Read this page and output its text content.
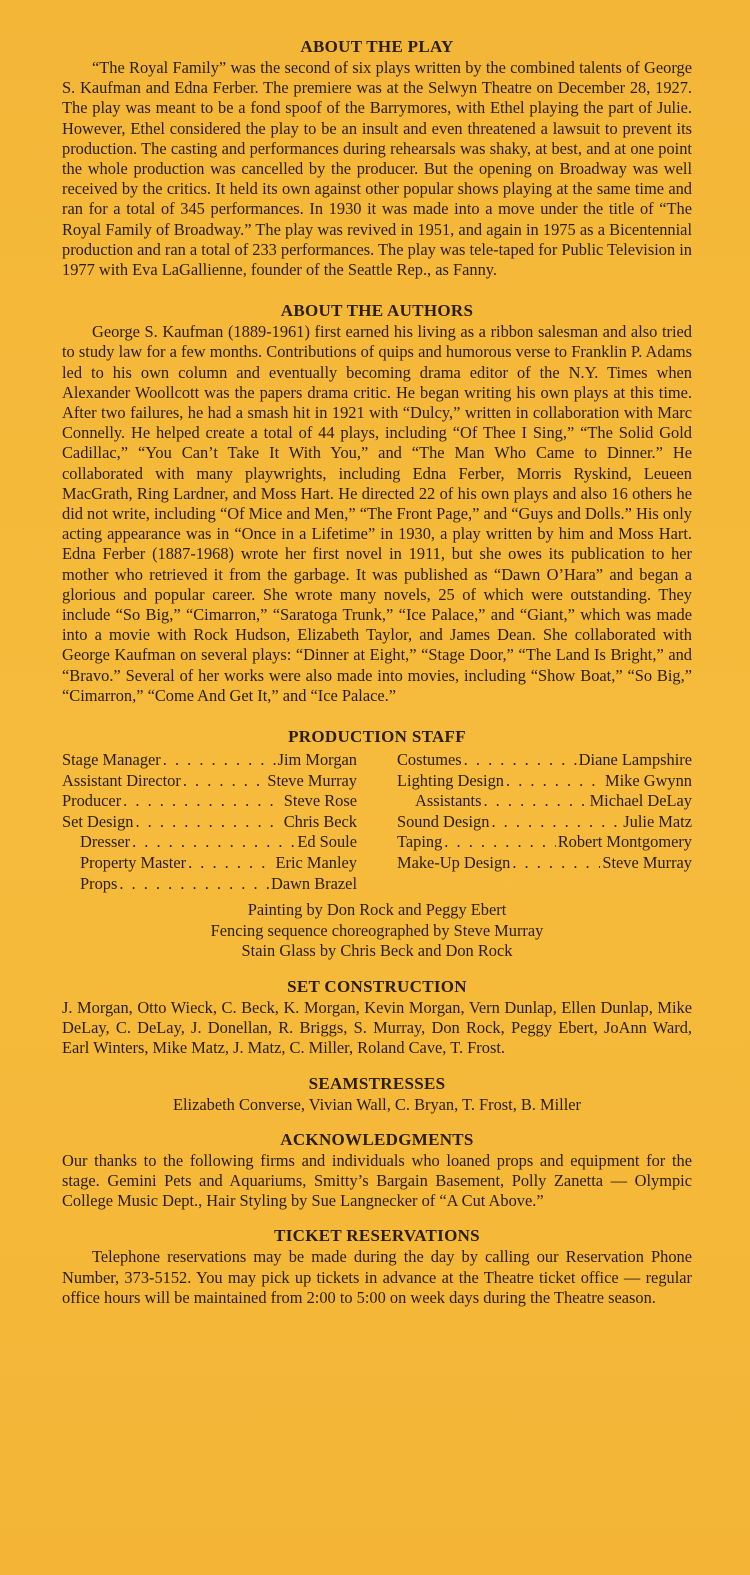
ABOUT THE PLAY

“The Royal Family” was the second of six plays written by the combined talents of George S. Kaufman and Edna Ferber. The premiere was at the Selwyn Theatre on December 28, 1927. The play was meant to be a fond spoof of the Barrymores, with Ethel playing the part of Julie. However, Ethel considered the play to be an insult and even threatened a lawsuit to prevent its production. The casting and performances during rehearsals was shaky, at best, and at one point the whole production was cancelled by the producer. But the opening on Broadway was well received by the critics. It held its own against other popular shows playing at the same time and ran for a total of 345 performances. In 1930 it was made into a move under the title of “The Royal Family of Broadway.” The play was revived in 1951, and again in 1975 as a Bicentennial production and ran a total of 233 performances. The play was tele-taped for Public Television in 1977 with Eva LaGallienne, founder of the Seattle Rep., as Fanny.

ABOUT THE AUTHORS

George S. Kaufman (1889-1961) first earned his living as a ribbon salesman and also tried to study law for a few months. Contributions of quips and humorous verse to Franklin P. Adams led to his own column and eventually becoming drama editor of the N.Y. Times when Alexander Woollcott was the papers drama critic. He began writing his own plays at this time. After two failures, he had a smash hit in 1921 with “Dulcy,” written in collaboration with Marc Connelly. He helped create a total of 44 plays, including “Of Thee I Sing,” “The Solid Gold Cadillac,” “You Can’t Take It With You,” and “The Man Who Came to Dinner.” He collaborated with many playwrights, including Edna Ferber, Morris Ryskind, Leueen MacGrath, Ring Lardner, and Moss Hart. He directed 22 of his own plays and also 16 others he did not write, including “Of Mice and Men,” “The Front Page,” and “Guys and Dolls.” His only acting appearance was in “Once in a Lifetime” in 1930, a play written by him and Moss Hart. Edna Ferber (1887-1968) wrote her first novel in 1911, but she owes its publication to her mother who retrieved it from the garbage. It was published as “Dawn O’Hara” and began a glorious and popular career. She wrote many novels, 25 of which were outstanding. They include “So Big,” “Cimarron,” “Saratoga Trunk,” “Ice Palace,” and “Giant,” which was made into a movie with Rock Hudson, Elizabeth Taylor, and James Dean. She collaborated with George Kaufman on several plays: “Dinner at Eight,” “Stage Door,” “The Land Is Bright,” and “Bravo.” Several of her works were also made into movies, including “Show Boat,” “So Big,” “Cimarron,” “Come And Get It,” and “Ice Palace.”

PRODUCTION STAFF
Stage Manager . . .	Jim Morgan
Assistant Director . . .	Steve Murray
Producer . . .	Steve Rose
Set Design . . .	Chris Beck
Dresser . . .	Ed Soule
Property Master . . .	Eric Manley
Props . . .	Dawn Brazel
Costumes . . .	Diane Lampshire
Lighting Design . . .	Mike Gwynn
Assistants . . .	Michael DeLay
Sound Design . . .	Julie Matz
Taping . . .	Robert Montgomery
Make-Up Design . . .	Steve Murray
Painting by Don Rock and Peggy Ebert
Fencing sequence choreographed by Steve Murray
Stain Glass by Chris Beck and Don Rock
SET CONSTRUCTION

J. Morgan, Otto Wieck, C. Beck, K. Morgan, Kevin Morgan, Vern Dunlap, Ellen Dunlap, Mike DeLay, C. DeLay, J. Donellan, R. Briggs, S. Murray, Don Rock, Peggy Ebert, JoAnn Ward, Earl Winters, Mike Matz, J. Matz, C. Miller, Roland Cave, T. Frost.

SEAMSTRESSES

Elizabeth Converse, Vivian Wall, C. Bryan, T. Frost, B. Miller

ACKNOWLEDGMENTS

Our thanks to the following firms and individuals who loaned props and equipment for the stage. Gemini Pets and Aquariums, Smitty’s Bargain Basement, Polly Zanetta — Olympic College Music Dept., Hair Styling by Sue Langnecker of “A Cut Above.”

TICKET RESERVATIONS

Telephone reservations may be made during the day by calling our Reservation Phone Number, 373-5152. You may pick up tickets in advance at the Theatre ticket office — regular office hours will be maintained from 2:00 to 5:00 on week days during the Theatre season.
